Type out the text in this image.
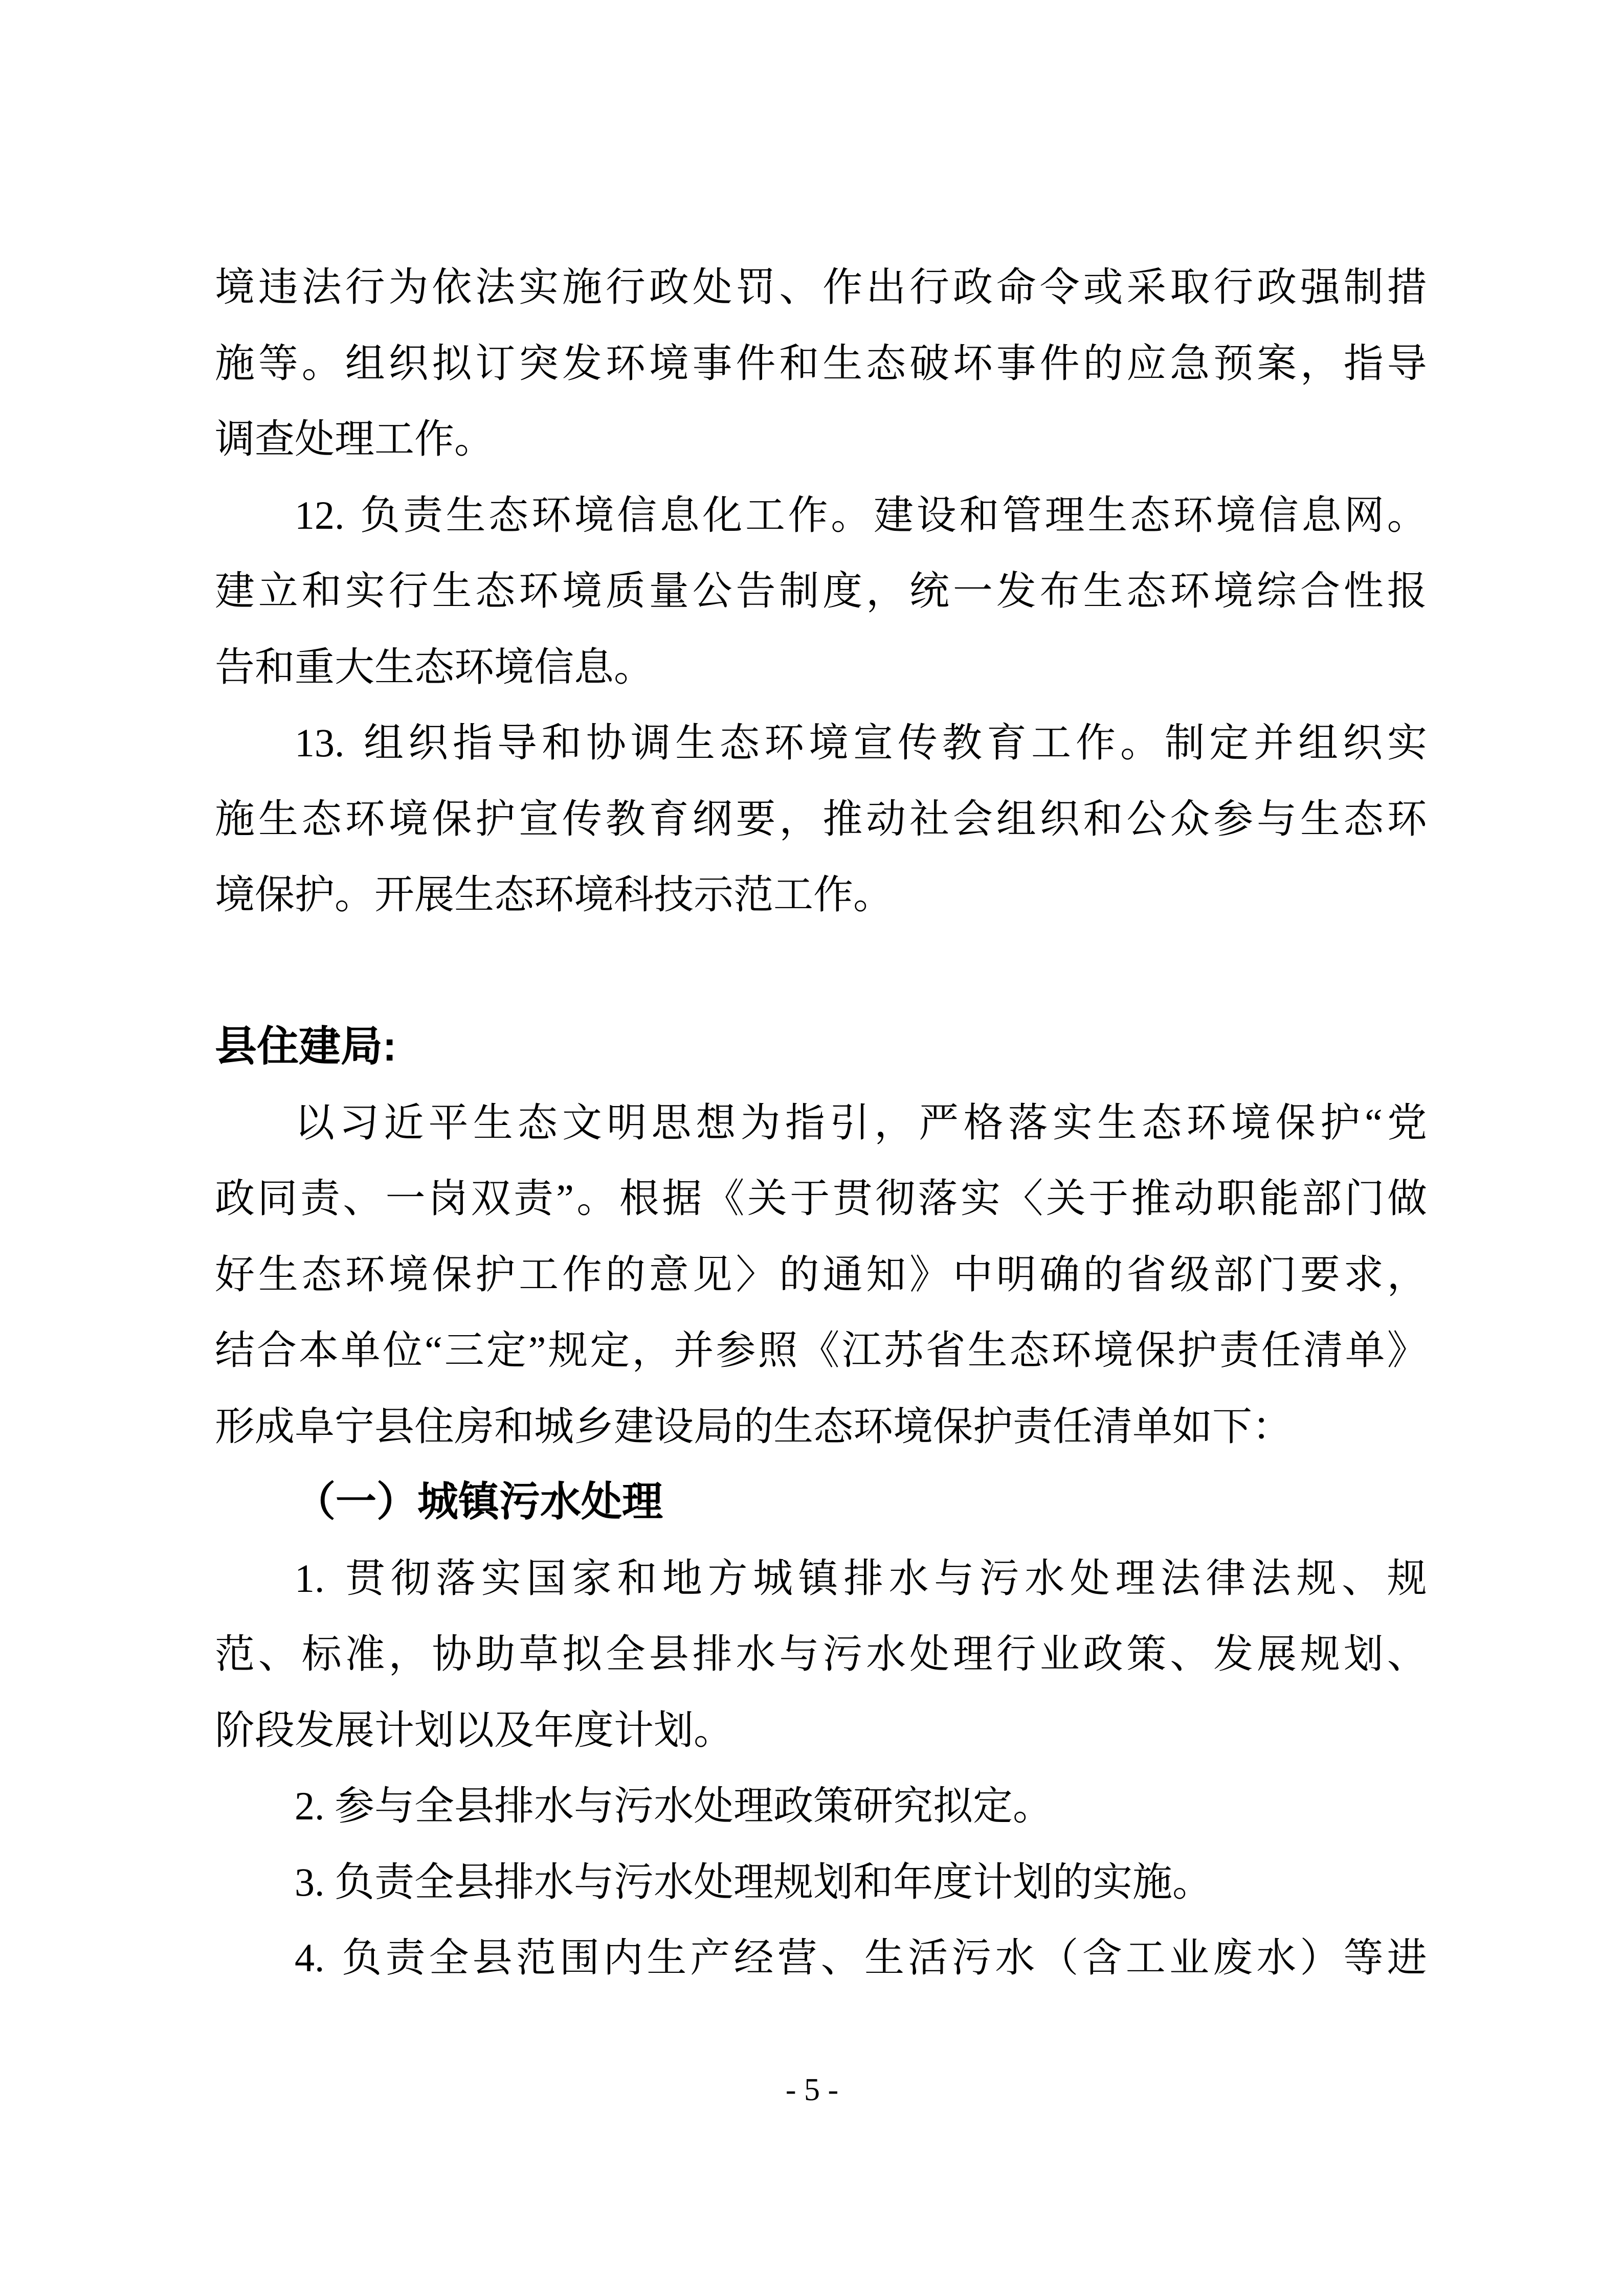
境 违 法 行 为 依 法 实 施 行 政 处 罚 、 作 出 行 政 命 令 或 采 取 行 政 强 制 措
施 等 。 组 织 拟 订 突 发 环 境 事 件 和 生 态 破 坏 事 件 的 应 急 预 案 ， 指 导
调查处理工作。
12.
负 责 生 态 环 境 信 息 化 工 作 。 建 设 和 管 理 生 态 环 境 信 息 网 。
建 立 和 实 行 生 态 环 境 质 量 公 告 制 度 ， 统 一 发 布 生 态 环 境 综 合 性 报
告和重大生态环境信息。
13.
组 织 指 导 和 协 调 生 态 环 境 宣 传 教 育 工 作 。 制 定 并 组 织 实
施 生 态 环 境 保 护 宣 传 教 育 纲 要 ， 推 动 社 会 组 织 和 公 众 参 与 生 态 环
境保护。开展生态环境科技示范工作。
县住建局:
以 习 近 平 生 态 文 明 思 想 为 指 引 ， 严 格 落 实 生 态 环 境 保 护 “ 党
政 同 责 、 一 岗 双 责 ” 。 根 据 《 关 于 贯 彻 落 实 〈 关 于 推 动 职 能 部 门 做
好 生 态 环 境 保 护 工 作 的 意 见 〉 的 通 知 》 中 明 确 的 省 级 部 门 要 求 ，
结 合 本 单 位 “ 三 定 ” 规 定 ， 并 参 照 《 江 苏 省 生 态 环 境 保 护 责 任 清 单 》
形成阜宁县住房和城乡建设局的生态环境保护责任清单如下：
（一）城镇污水处理
1.
贯 彻 落 实 国 家 和 地 方 城 镇 排 水 与 污 水 处 理 法 律 法 规 、 规
范 、 标 准 ， 协 助 草 拟 全 县 排 水 与 污 水 处 理 行 业 政 策 、 发 展 规 划 、
阶段发展计划以及年度计划。
2. 参与全县排水与污水处理政策研究拟定。
3. 负责全县排水与污水处理规划和年度计划的实施。
4.
负 责 全 县 范 围 内 生 产 经 营 、 生 活 污 水 （ 含 工 业 废 水 ） 等 进
- 5 -
